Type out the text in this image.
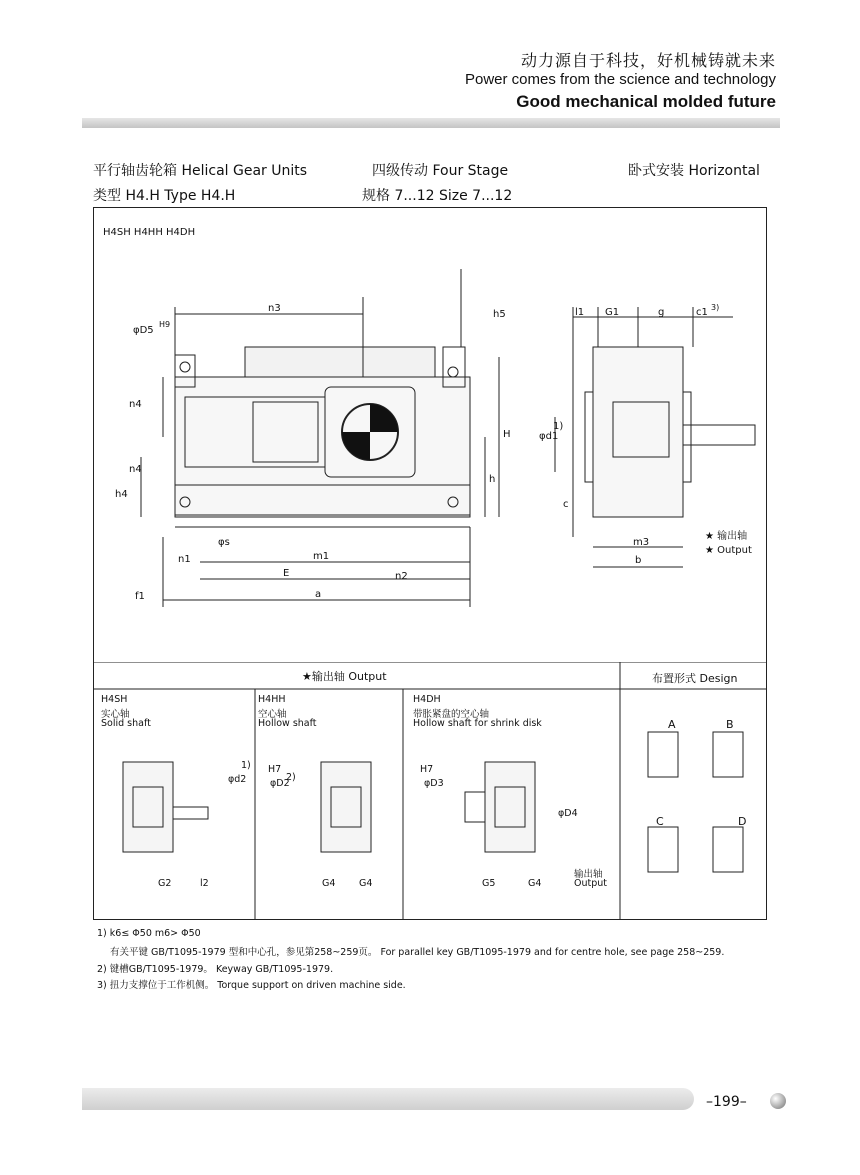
动力源自于科技，好机械铸就未来
Power comes from the science and technology
Good mechanical molded future
平行轴齿轮箱 Helical Gear Units	四级传动 Four Stage	卧式安装 Horizontal
类型 H4.H Type H4.H	规格 7...12 Size 7...12
H4SH H4HH H4DH
n3
φD5
H9
h5
n4
n4
h4
H
h
φs
n1	m1
E	n2
f1	a
l1 G1	g	c1 3)
φd1
1)
c
m3
b
★ 输出轴
★ Output
★输出轴 Output	布置形式 Design
H4SH
实心轴
Solid shaft
H4HH
空心轴
Hollow shaft
H4DH
带胀紧盘的空心轴
Hollow shaft for shrink disk
φd2
1)
G2	l2
H7
φD2
2)
G4 G4
H7
φD3
φD4
G5	G4
输出轴
Output
A	B
C	D
1) k6≤ Φ50 m6> Φ50
有关平键 GB/T1095-1979 型和中心孔，参见第258~259页。 For parallel key GB/T1095-1979 and for centre hole, see page 258~259.
2) 键槽GB/T1095-1979。 Keyway GB/T1095-1979.
3) 扭力支撑位于工作机侧。 Torque support on driven machine side.
–199–
